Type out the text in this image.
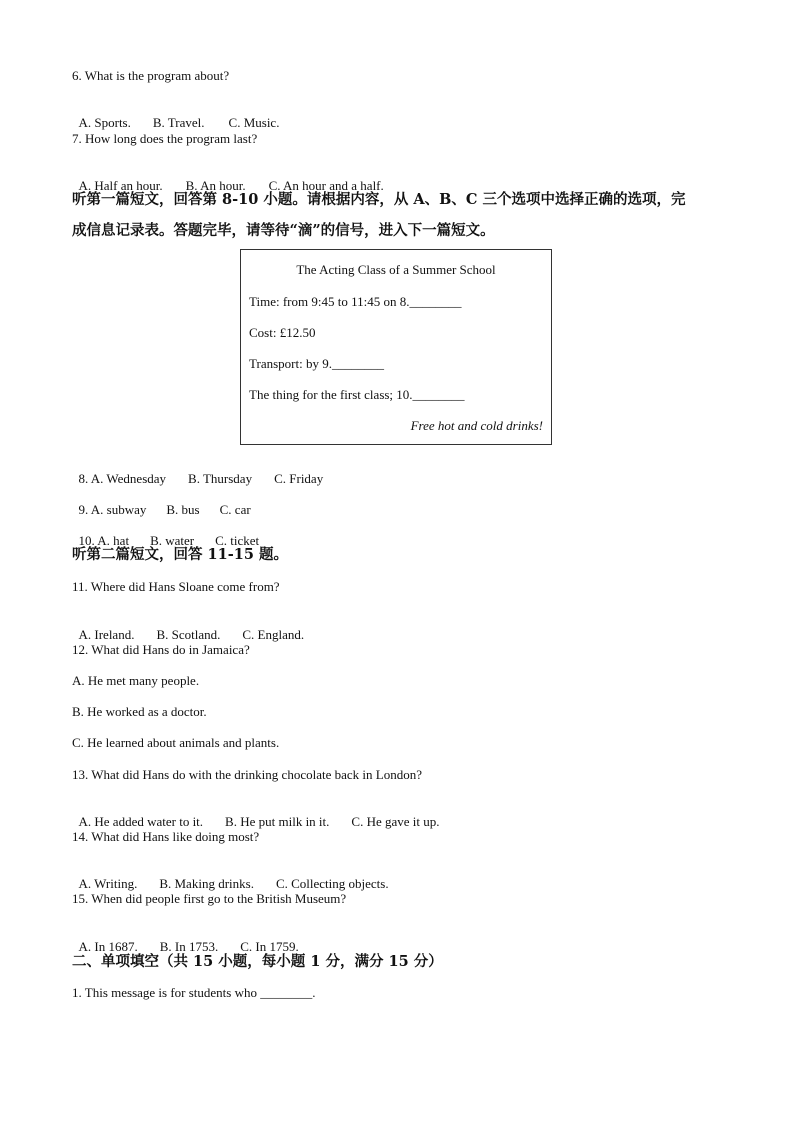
6. What is the program about?

A. Sports. B. Travel. C. Music.

7. How long does the program last?

A. Half an hour. B. An hour. C. An hour and a half.

听第一篇短文，回答第 8-10 小题。请根据内容，从 A、B、C 三个选项中选择正确的选项，完
成信息记录表。答题完毕，请等待“滴”的信号，进入下一篇短文。
The Acting Class of a Summer School
Time: from 9:45 to 11:45 on 8.________
Cost: £12.50
Transport: by 9.________
The thing for the first class; 10.________
Free hot and cold drinks!

8. A. Wednesday B. Thursday C. Friday

9. A. subway B. bus C. car

10. A. hat B. water C. ticket

听第二篇短文，回答 11-15 题。
11. Where did Hans Sloane come from?

A. Ireland. B. Scotland. C. England.

12. What did Hans do in Jamaica?
A. He met many people.
B. He worked as a doctor.
C. He learned about animals and plants.
13. What did Hans do with the drinking chocolate back in London?

A. He added water to it. B. He put milk in it. C. He gave it up.

14. What did Hans like doing most?

A. Writing. B. Making drinks. C. Collecting objects.

15. When did people first go to the British Museum?

A. In 1687. B. In 1753. C. In 1759.

二、单项填空（共 15 小题，每小题 1 分，满分 15 分）
1. This message is for students who ________.
